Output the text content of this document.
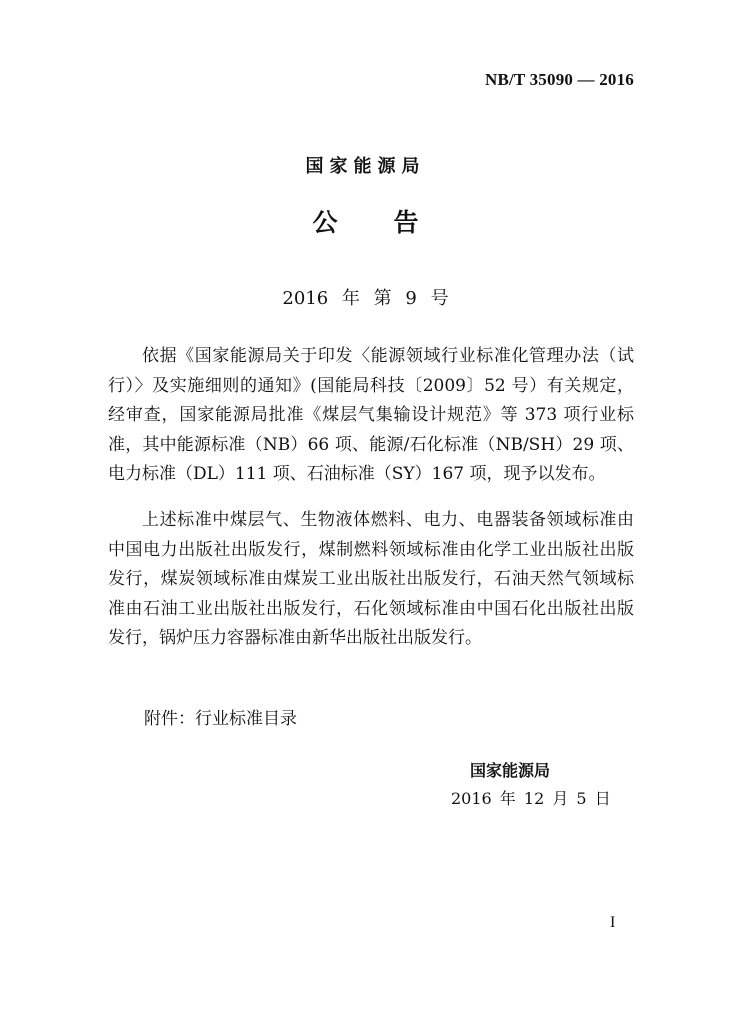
NB/T 35090 — 2016
国家能源局
公告
2016 年 第 9 号

依据《国家能源局关于印发〈能源领域行业标准化管理办法（试行）〉及实施细则的通知》(国能局科技〔2009〕52 号）有关规定，经审查，国家能源局批准《煤层气集输设计规范》等 373 项行业标准，其中能源标准（NB）66 项、能源/石化标准（NB/SH）29 项、电力标准（DL）111 项、石油标准（SY）167 项，现予以发布。

上述标准中煤层气、生物液体燃料、电力、电器装备领域标准由中国电力出版社出版发行，煤制燃料领域标准由化学工业出版社出版发行，煤炭领域标准由煤炭工业出版社出版发行，石油天然气领域标准由石油工业出版社出版发行，石化领域标准由中国石化出版社出版发行，锅炉压力容器标准由新华出版社出版发行。

附件：行业标准目录
国家能源局
2016 年 12 月 5 日
I
